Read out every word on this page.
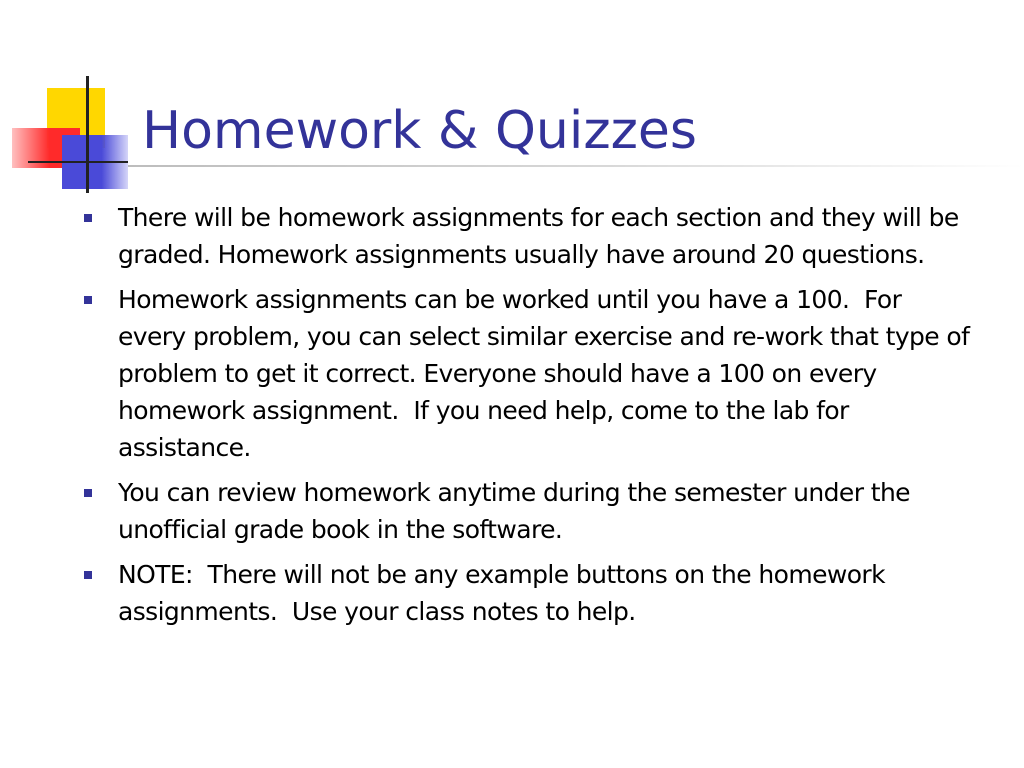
Homework & Quizzes
There will be homework assignments for each section and they will be graded. Homework assignments usually have around 20 questions.
Homework assignments can be worked until you have a 100.  For every problem, you can select similar exercise and re-work that type of problem to get it correct. Everyone should have a 100 on every homework assignment.  If you need help, come to the lab for assistance.
You can review homework anytime during the semester under the unofficial grade book in the software.
NOTE:  There will not be any example buttons on the homework assignments.  Use your class notes to help.
